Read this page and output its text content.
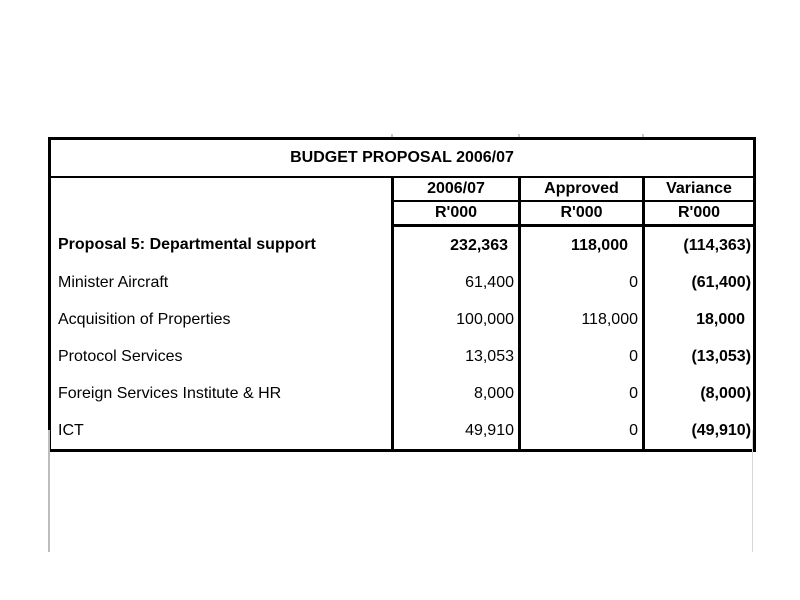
BUDGET PROPOSAL 2006/07			
	2006/07	Approved	Variance
	R'000	R'000	R'000
Proposal 5: Departmental support	232,363	118,000	(114,363)
Minister Aircraft	61,400	0	(61,400)
Acquisition of Properties	100,000	118,000	18,000
Protocol Services	13,053	0	(13,053)
Foreign Services Institute & HR	8,000	0	(8,000)
ICT	49,910	0	(49,910)
